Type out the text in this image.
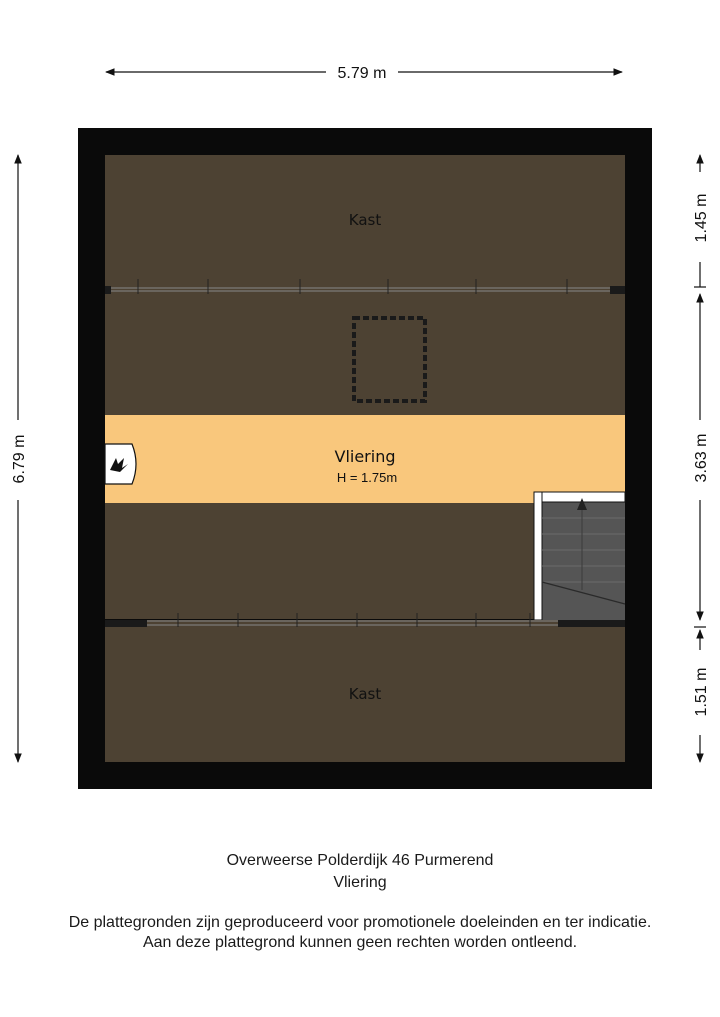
5.79 m
6.79 m
1.45 m
3.63 m
1.51 m
Kast
Vliering
H = 1.75m
Kast
Overweerse Polderdijk 46 Purmerend
Vliering
De plattegronden zijn geproduceerd voor promotionele doeleinden en ter indicatie.
Aan deze plattegrond kunnen geen rechten worden ontleend.
